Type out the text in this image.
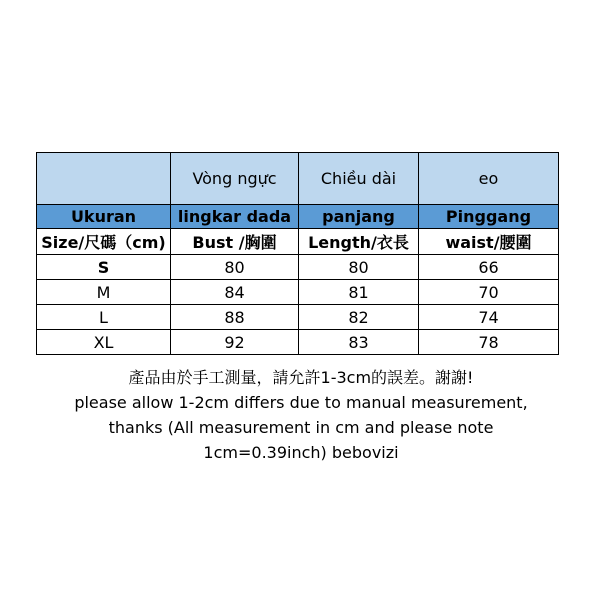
	Vòng ngực	Chiều dài	eo
Ukuran	lingkar dada	panjang	Pinggang
Size/尺碼（cm)	Bust /胸圍	Length/衣長	waist/腰圍
S	80	80	66
M	84	81	70
L	88	82	74
XL	92	83	78
產品由於手工測量，請允許1-3cm的誤差。謝謝!
please allow 1-2cm differs due to manual measurement,
thanks (All measurement in cm and please note
1cm=0.39inch) bebovizi
